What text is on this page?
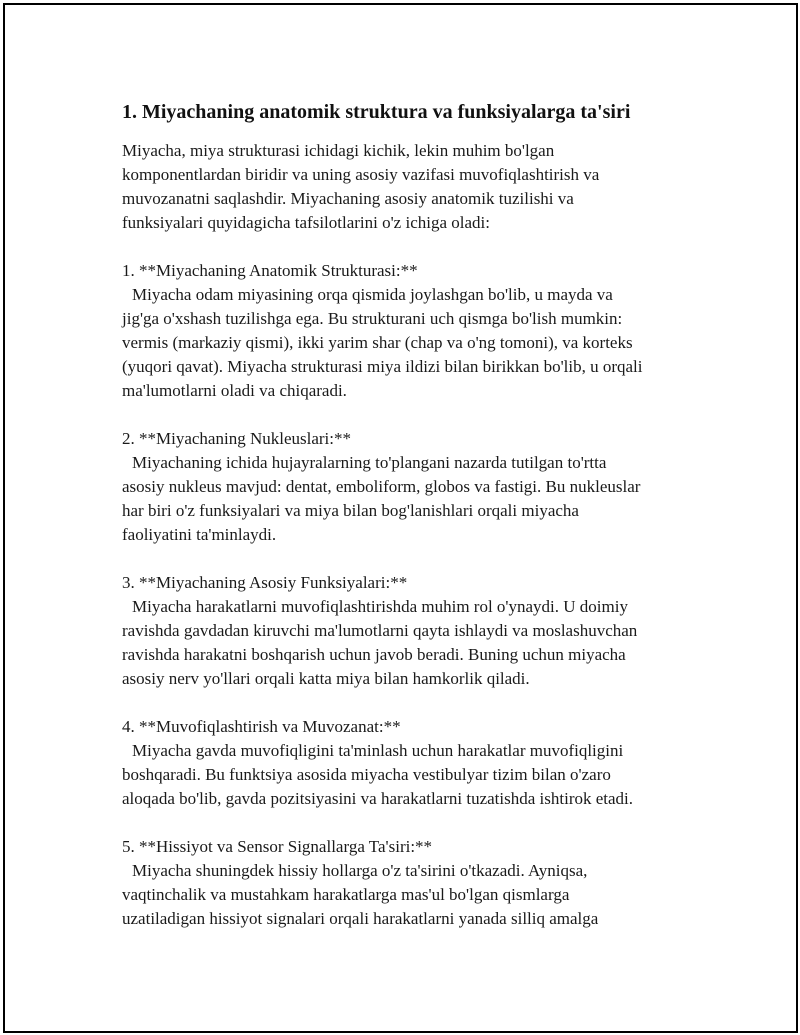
1. Miyachaning anatomik struktura va funksiyalarga ta'siri
Miyacha, miya strukturasi ichidagi kichik, lekin muhim bo'lgan
komponentlardan biridir va uning asosiy vazifasi muvofiqlashtirish va
muvozanatni saqlashdir. Miyachaning asosiy anatomik tuzilishi va
funksiyalari quyidagicha tafsilotlarini o'z ichiga oladi:
1. **Miyachaning Anatomik Strukturasi:**
Miyacha odam miyasining orqa qismida joylashgan bo'lib, u mayda va
jig'ga o'xshash tuzilishga ega. Bu strukturani uch qismga bo'lish mumkin:
vermis (markaziy qismi), ikki yarim shar (chap va o'ng tomoni), va korteks
(yuqori qavat). Miyacha strukturasi miya ildizi bilan birikkan bo'lib, u orqali
ma'lumotlarni oladi va chiqaradi.
2. **Miyachaning Nukleuslari:**
Miyachaning ichida hujayralarning to'plangani nazarda tutilgan to'rtta
asosiy nukleus mavjud: dentat, emboliform, globos va fastigi. Bu nukleuslar
har biri o'z funksiyalari va miya bilan bog'lanishlari orqali miyacha
faoliyatini ta'minlaydi.
3. **Miyachaning Asosiy Funksiyalari:**
Miyacha harakatlarni muvofiqlashtirishda muhim rol o'ynaydi. U doimiy
ravishda gavdadan kiruvchi ma'lumotlarni qayta ishlaydi va moslashuvchan
ravishda harakatni boshqarish uchun javob beradi. Buning uchun miyacha
asosiy nerv yo'llari orqali katta miya bilan hamkorlik qiladi.
4. **Muvofiqlashtirish va Muvozanat:**
Miyacha gavda muvofiqligini ta'minlash uchun harakatlar muvofiqligini
boshqaradi. Bu funktsiya asosida miyacha vestibulyar tizim bilan o'zaro
aloqada bo'lib, gavda pozitsiyasini va harakatlarni tuzatishda ishtirok etadi.
5. **Hissiyot va Sensor Signallarga Ta'siri:**
Miyacha shuningdek hissiy hollarga o'z ta'sirini o'tkazadi. Ayniqsa,
vaqtinchalik va mustahkam harakatlarga mas'ul bo'lgan qismlarga
uzatiladigan hissiyot signalari orqali harakatlarni yanada silliq amalga
